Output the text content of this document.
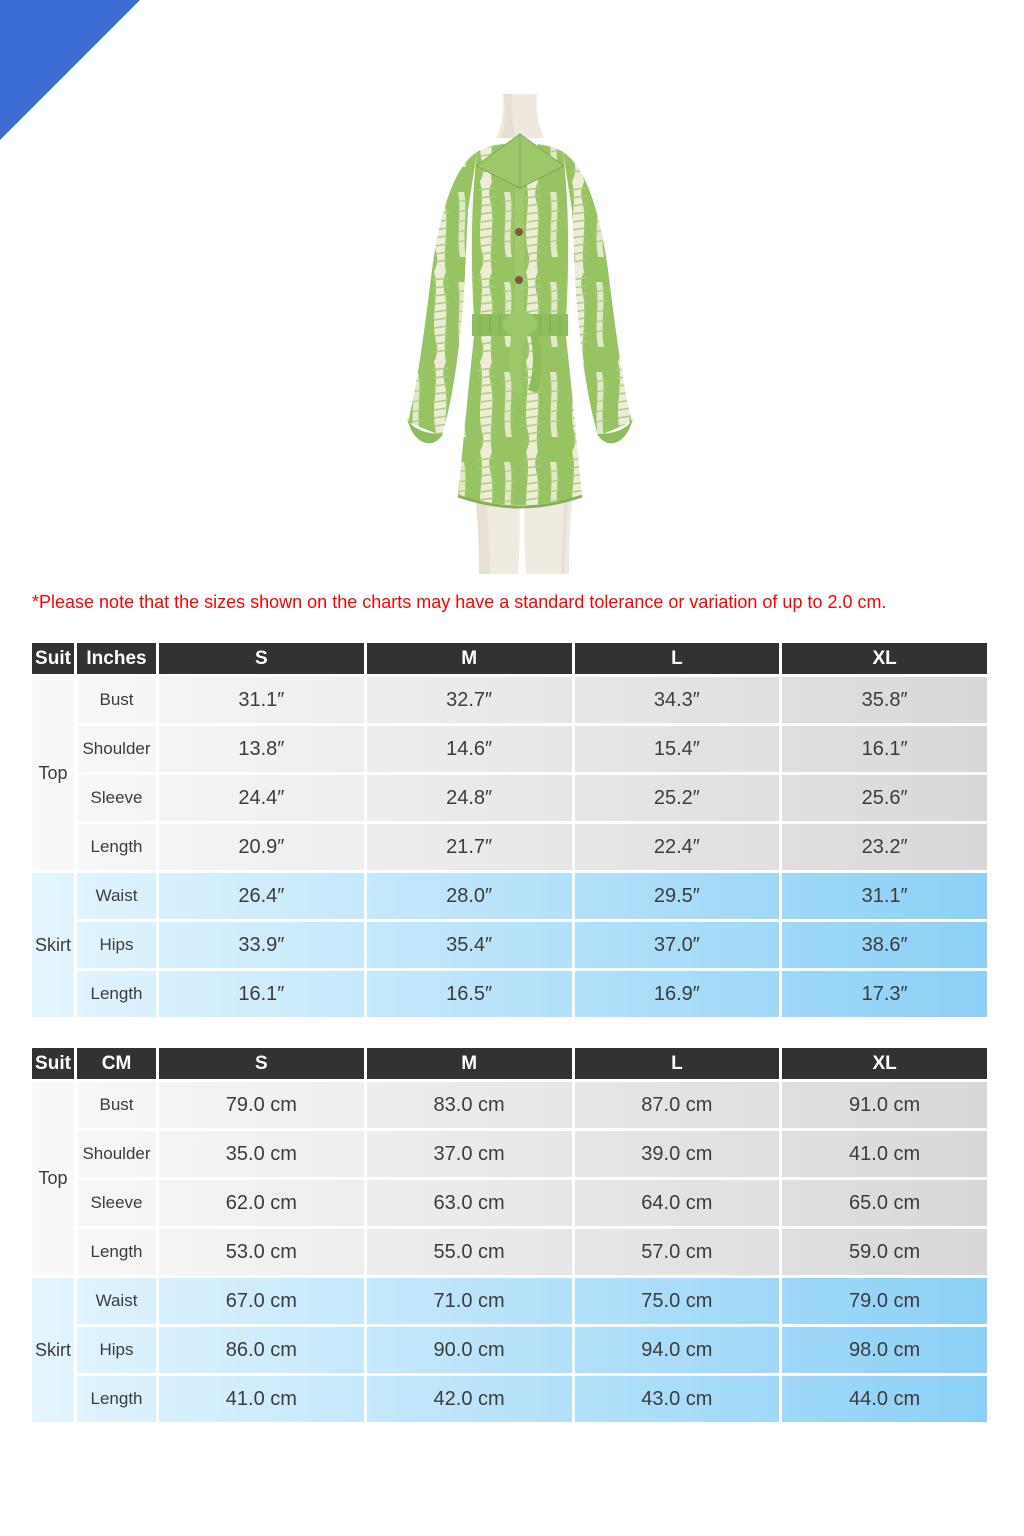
SIZE CHART

*Please note that the sizes shown on the charts may have a standard tolerance or variation of up to 2.0 cm.

Suit	Inches	S	M	L	XL
Top	Bust	31.1″	32.7″	34.3″	35.8″
	Shoulder	13.8″	14.6″	15.4″	16.1″
	Sleeve	24.4″	24.8″	25.2″	25.6″
	Length	20.9″	21.7″	22.4″	23.2″
Skirt	Waist	26.4″	28.0″	29.5″	31.1″
	Hips	33.9″	35.4″	37.0″	38.6″
	Length	16.1″	16.5″	16.9″	17.3″
Suit	CM	S	M	L	XL
Top	Bust	79.0 cm	83.0 cm	87.0 cm	91.0 cm
	Shoulder	35.0 cm	37.0 cm	39.0 cm	41.0 cm
	Sleeve	62.0 cm	63.0 cm	64.0 cm	65.0 cm
	Length	53.0 cm	55.0 cm	57.0 cm	59.0 cm
Skirt	Waist	67.0 cm	71.0 cm	75.0 cm	79.0 cm
	Hips	86.0 cm	90.0 cm	94.0 cm	98.0 cm
	Length	41.0 cm	42.0 cm	43.0 cm	44.0 cm
